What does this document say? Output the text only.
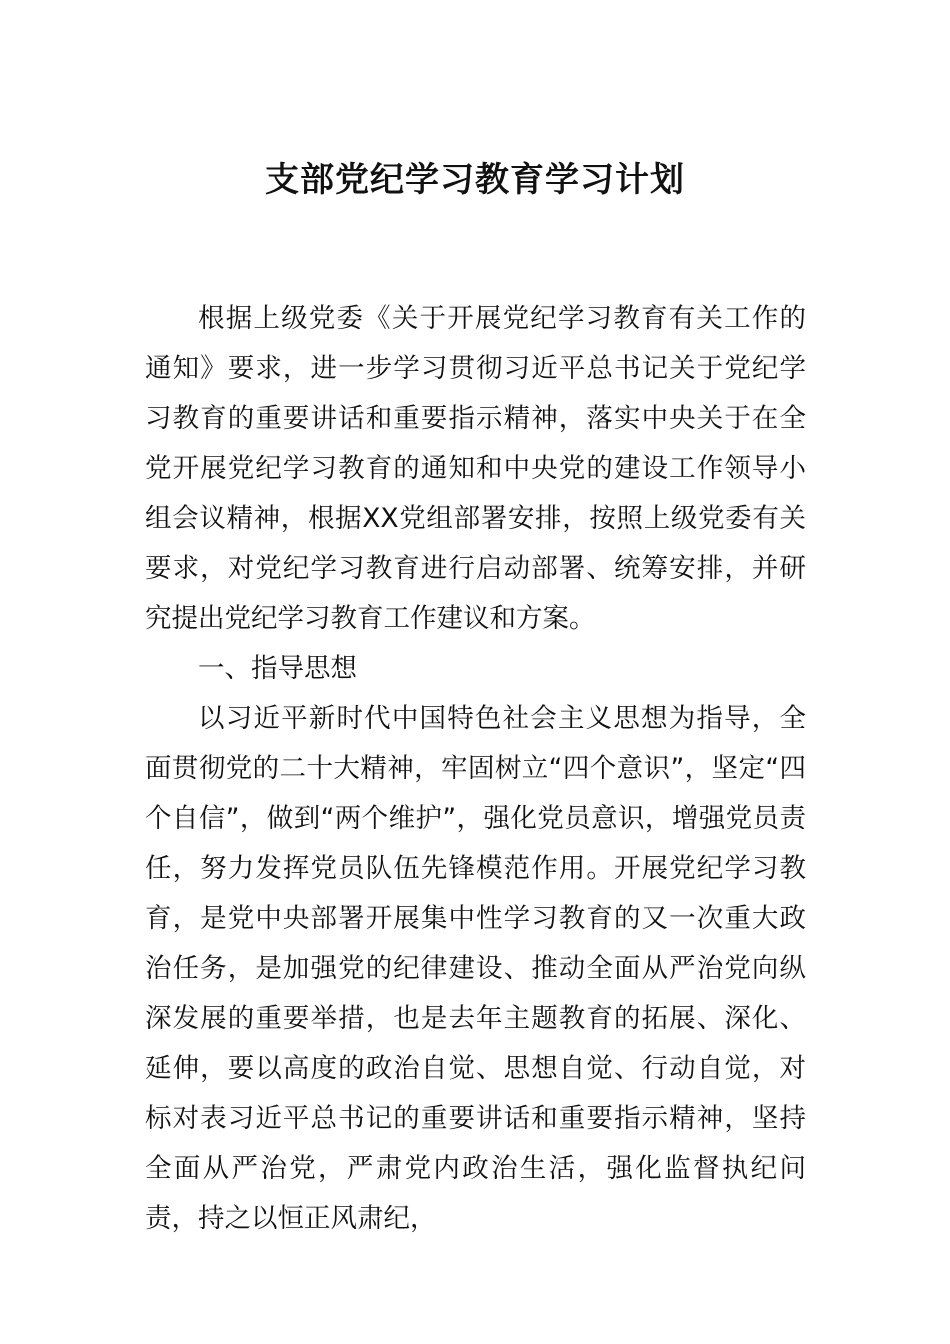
支部党纪学习教育学习计划

根据上级党委《关于开展党纪学习教育有关工作的通知》要求，进一步学习贯彻习近平总书记关于党纪学习教育的重要讲话和重要指示精神，落实中央关于在全党开展党纪学习教育的通知和中央党的建设工作领导小组会议精神，根据XX党组部署安排，按照上级党委有关要求，对党纪学习教育进行启动部署、统筹安排，并研究提出党纪学习教育工作建议和方案。

一、指导思想

以习近平新时代中国特色社会主义思想为指导，全面贯彻党的二十大精神，牢固树立“四个意识”，坚定“四个自信”，做到“两个维护”，强化党员意识，增强党员责任，努力发挥党员队伍先锋模范作用。开展党纪学习教育，是党中央部署开展集中性学习教育的又一次重大政治任务，是加强党的纪律建设、推动全面从严治党向纵深发展的重要举措，也是去年主题教育的拓展、深化、延伸，要以高度的政治自觉、思想自觉、行动自觉，对标对表习近平总书记的重要讲话和重要指示精神，坚持全面从严治党，严肃党内政治生活，强化监督执纪问责，持之以恒正风肃纪，
